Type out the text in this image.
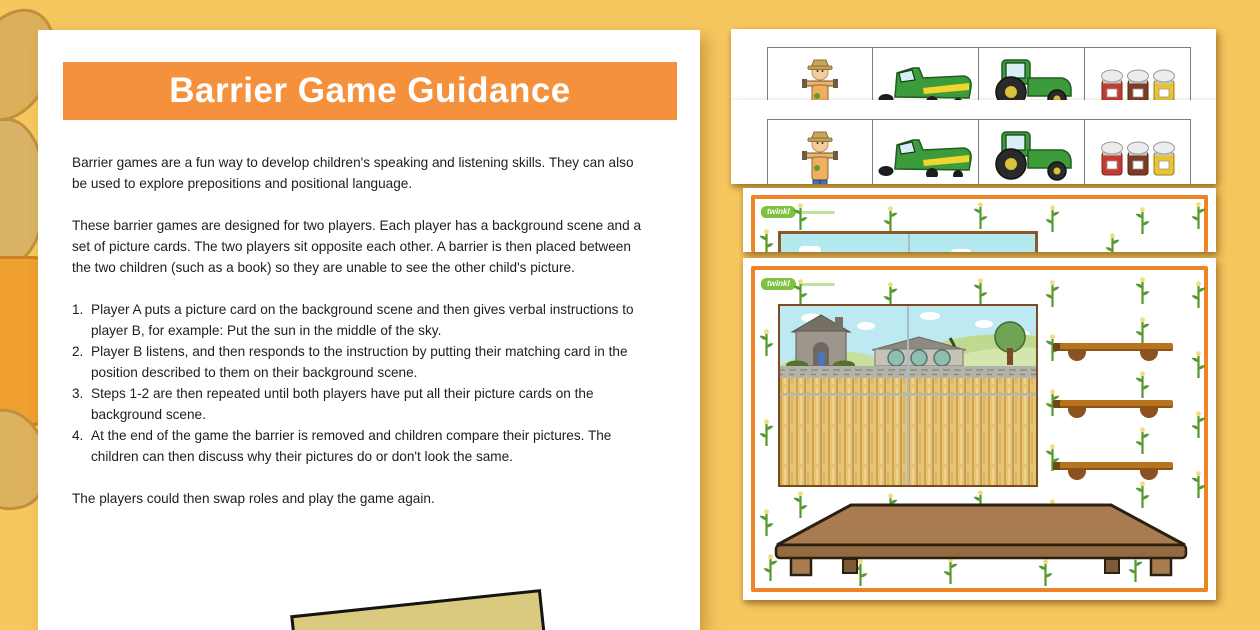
Barrier Game Guidance

Barrier games are a fun way to develop children's speaking and listening skills. They can also be used to explore prepositions and positional language.

These barrier games are designed for two players. Each player has a background scene and a set of picture cards. The two players sit opposite each other. A barrier is then placed between the two children (such as a book) so they are unable to see the other child's picture.

1. Player A puts a picture card on the background scene and then gives verbal instructions to player B, for example: Put the sun in the middle of the sky.
2. Player B listens, and then responds to the instruction by putting their matching card in the position described to them on their background scene.
3. Steps 1-2 are then repeated until both players have put all their picture cards on the background scene.
4. At the end of the game the barrier is removed and children compare their pictures. The children can then discuss why their pictures do or don't look the same.

The players could then swap roles and play the game again.

twinkl
twinkl
